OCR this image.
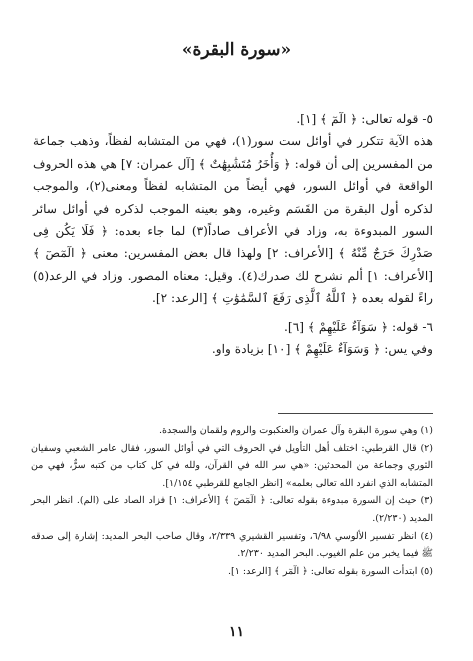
«سورة البقرة»

٥- قوله تعالى: ﴿ الٓمٓ ﴾ [١].

هذه الآية تتكرر في أوائل ست سور(١)، فهي من المتشابه لفظاً، وذهب جماعة من المفسرين إلى أن قوله: ﴿ وَأُخَرُ مُتَشَٰبِهَٰتٌ ﴾ [آل عمران: ٧] هي هذه الحروف الواقعة في أوائل السور، فهي أيضاً من المتشابه لفظاً ومعنى(٢)، والموجب لذكره أول البقرة من القَسَم وغيره، وهو بعينه الموجب لذكره في أوائل سائر السور المبدوءة به، وزاد في الأعراف صاداً(٣) لما جاء بعده: ﴿ فَلَا يَكُن فِى صَدْرِكَ حَرَجٌ مِّنْهُ ﴾ [الأعراف: ٢] ولهذا قال بعض المفسرين: معنى ﴿ الٓمٓصٓ ﴾ [الأعراف: ١] ألم نشرح لك صدرك(٤). وقيل: معناه المصور. وزاد في الرعد(٥) راءً لقوله بعده ﴿ ٱللَّهُ ٱلَّذِى رَفَعَ ٱلسَّمَٰوَٰتِ ﴾ [الرعد: ٢].

٦- قوله: ﴿ سَوَآءٌ عَلَيْهِمْ ﴾ [٦].

وفي يس: ﴿ وَسَوَآءٌ عَلَيْهِمْ ﴾ [١٠] بزيادة واو.

(١) وهي سورة البقرة وآل عمران والعنكبوت والروم ولقمان والسجدة.

(٢) قال القرطبي: اختلف أهل التأويل في الحروف التي في أوائل السور، فقال عامر الشعبي وسفيان الثوري وجماعة من المحدثين: «هي سر الله في القرآن، ولله في كل كتاب من كتبه سرٌّ، فهي من المتشابه الذي انفرد الله تعالى بعلمه» [انظر الجامع للقرطبي ١/١٥٤].

(٣) حيث إن السورة مبدوءة بقوله تعالى: ﴿ الٓمٓصٓ ﴾ [الأعراف: ١] فزاد الصاد على (الم). انظر البحر المديد (٢/٢٣٠).

(٤) انظر تفسير الألوسي ٦/٩٨، وتفسير القشيري ٢/٣٣٩، وقال صاحب البحر المديد: إشارة إلى صدقه ﷺ فيما يخبر من علم الغيوب. البحر المديد ٢/٢٣٠.

(٥) ابتدأت السورة بقوله تعالى: ﴿ الٓمٓر ﴾ [الرعد: ١].

١١
